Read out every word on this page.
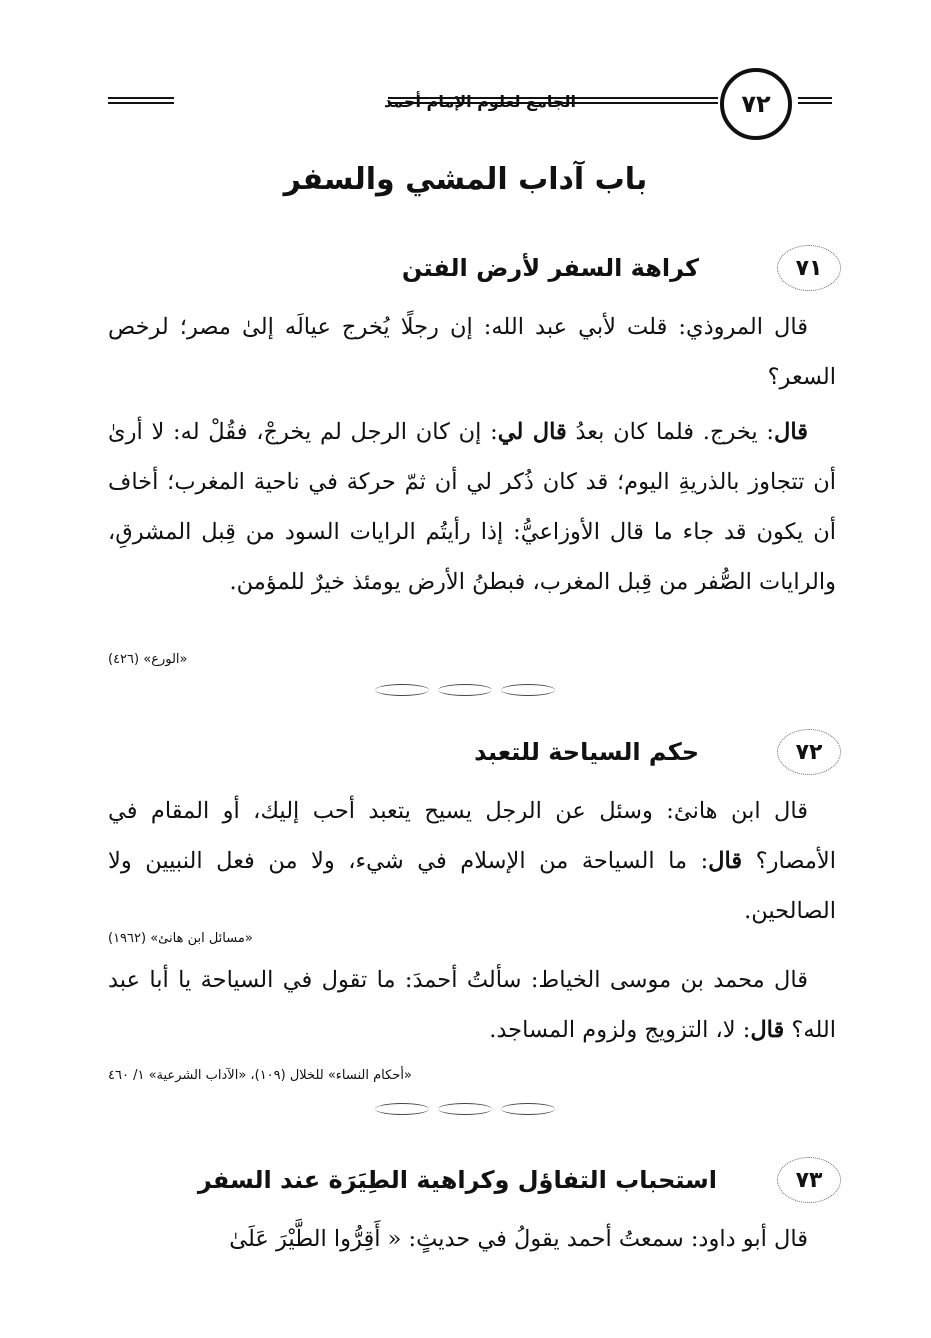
٧٢
الجامع لعلوم الإمام أحمد
باب آداب المشي والسفر
٧١
كراهة السفر لأرض الفتن
قال المروذي: قلت لأبي عبد الله: إن رجلًا يُخرج عيالَه إلىٰ مصر؛ لرخص السعر؟
قال: يخرج. فلما كان بعدُ قال لي: إن كان الرجل لم يخرجْ، فقُلْ له: لا أرىٰ أن تتجاوز بالذريةِ اليوم؛ قد كان ذُكر لي أن ثمّ حركة في ناحية المغرب؛ أخاف أن يكون قد جاء ما قال الأوزاعيُّ: إذا رأيتُم الرايات السود من قِبل المشرقِ، والرايات الصُّفر من قِبل المغرب، فبطنُ الأرض يومئذ خيرٌ للمؤمن.
«الورع» (٤٢٦)
٧٢
حكم السياحة للتعبد
قال ابن هانئ: وسئل عن الرجل يسيح يتعبد أحب إليك، أو المقام في الأمصار؟ قال: ما السياحة من الإسلام في شيء، ولا من فعل النبيين ولا الصالحين.
«مسائل ابن هانئ» (١٩٦٢)
قال محمد بن موسى الخياط: سألتُ أحمدَ: ما تقول في السياحة يا أبا عبد الله؟ قال: لا، التزويج ولزوم المساجد.
«أحكام النساء» للخلال (١٠٩)، «الآداب الشرعية» ١/ ٤٦٠
٧٣
استحباب التفاؤل وكراهية الطِيَرَة عند السفر
قال أبو داود: سمعتُ أحمد يقولُ في حديثٍ: « أَقِرُّوا الطَّيْرَ عَلَىٰ
